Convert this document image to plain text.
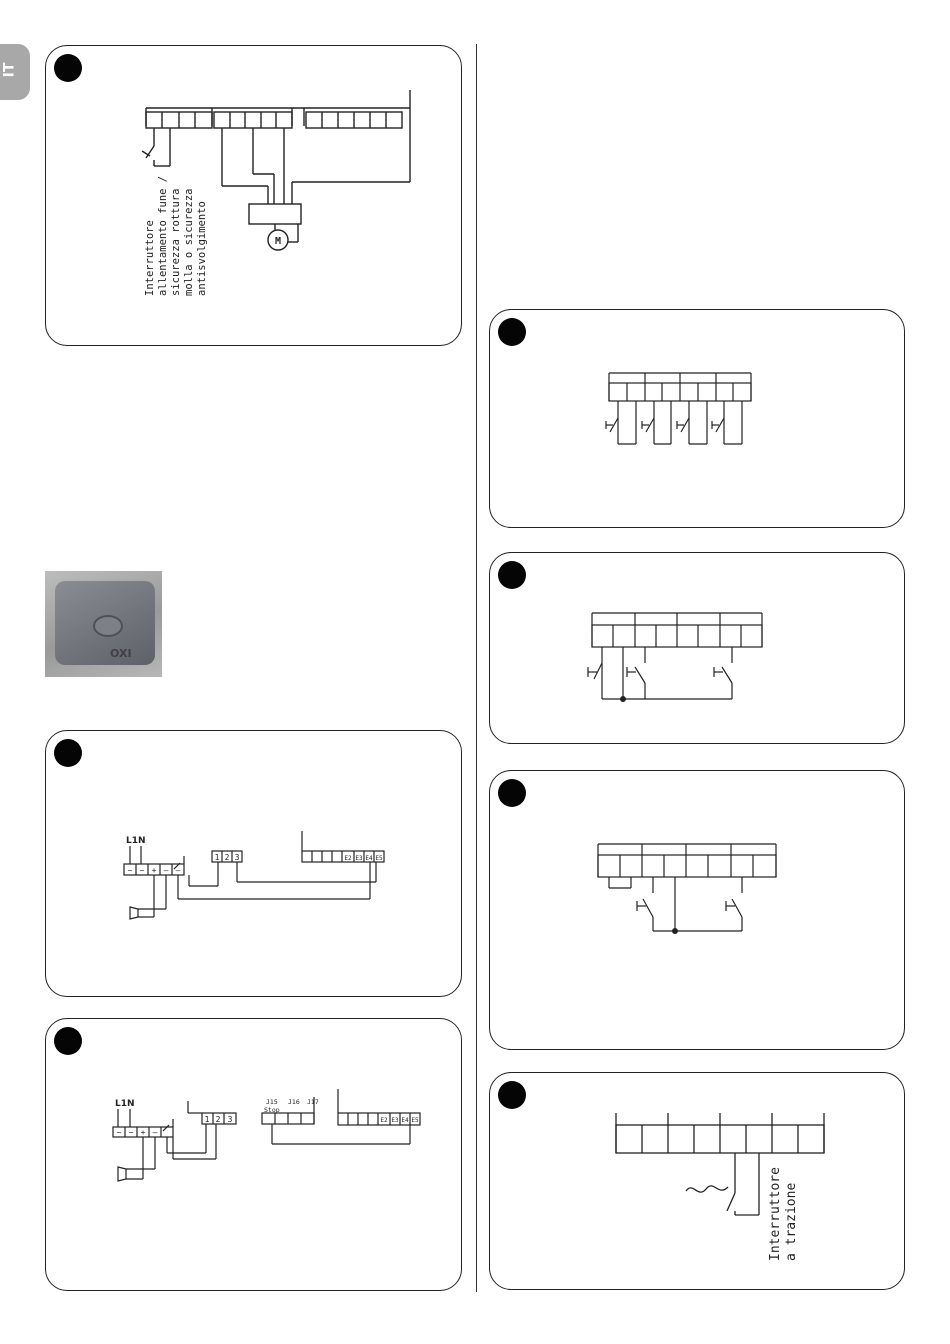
IT
M
Interruttore allentamento fune / sicurezza rottura molla o sicurezza antisvolgimento
OXI
L1 N
~ ~ + – –
1 2 3	E2 E3 E4 E5
L1 N
~ ~ + –
1 2 3
J15 J16 J17
Stop
E2 E3 E4 E5
Interruttore a trazione
